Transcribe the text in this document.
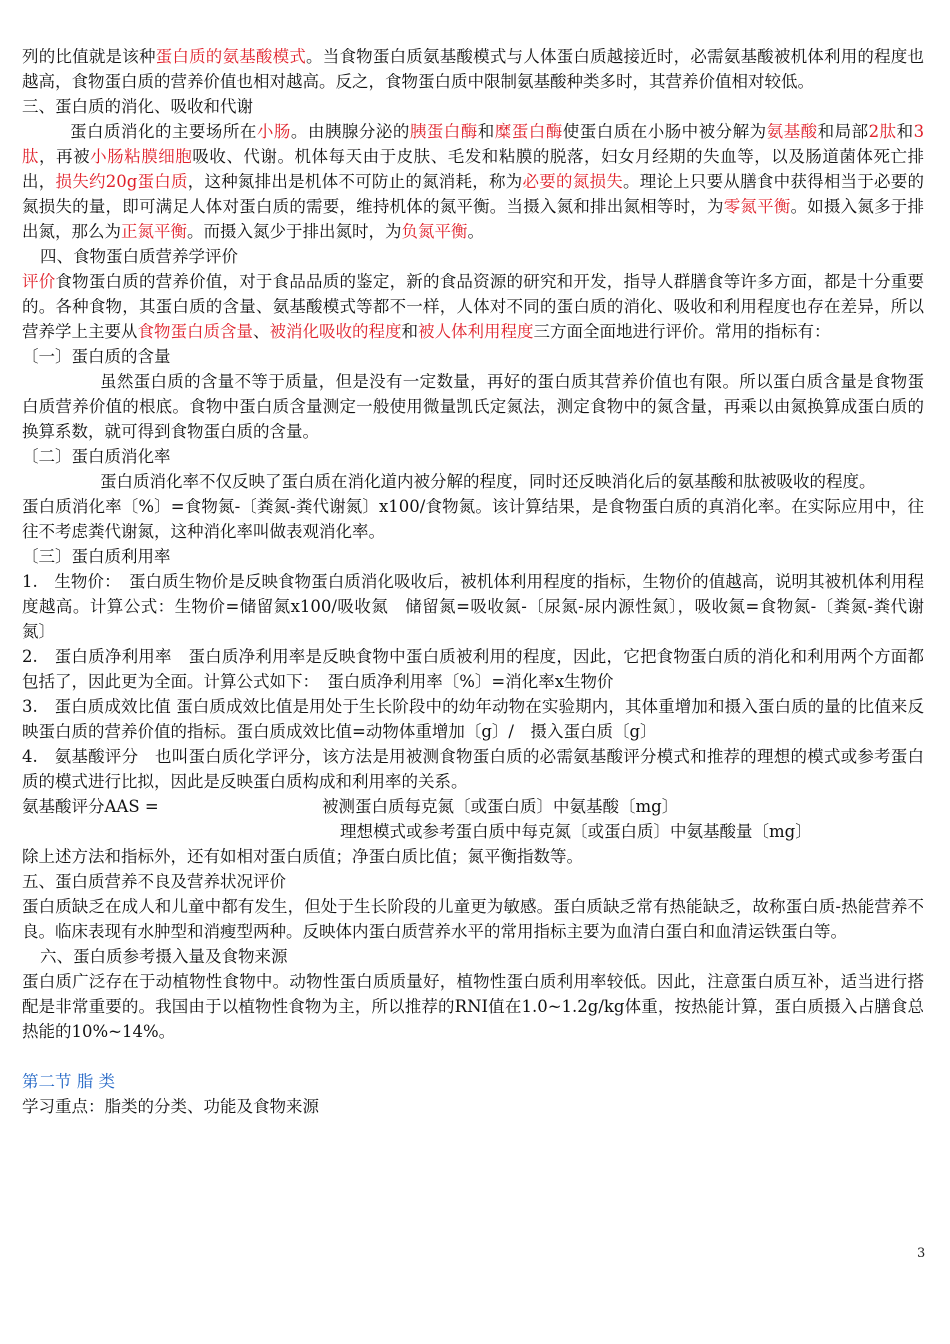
列的比值就是该种蛋白质的氨基酸模式。当食物蛋白质氨基酸模式与人体蛋白质越接近时，必需氨基酸被机体利用的程度也越高，食物蛋白质的营养价值也相对越高。反之，食物蛋白质中限制氨基酸种类多时，其营养价值相对较低。

三、蛋白质的消化、吸收和代谢

蛋白质消化的主要场所在小肠。由胰腺分泌的胰蛋白酶和糜蛋白酶使蛋白质在小肠中被分解为氨基酸和局部2肽和3肽，再被小肠粘膜细胞吸收、代谢。机体每天由于皮肤、毛发和粘膜的脱落，妇女月经期的失血等，以及肠道菌体死亡排出，损失约20g蛋白质，这种氮排出是机体不可防止的氮消耗，称为必要的氮损失。理论上只要从膳食中获得相当于必要的氮损失的量，即可满足人体对蛋白质的需要，维持机体的氮平衡。当摄入氮和排出氮相等时，为零氮平衡。如摄入氮多于排出氮，那么为正氮平衡。而摄入氮少于排出氮时，为负氮平衡。

四、食物蛋白质营养学评价

评价食物蛋白质的营养价值，对于食品品质的鉴定，新的食品资源的研究和开发，指导人群膳食等许多方面，都是十分重要的。各种食物，其蛋白质的含量、氨基酸模式等都不一样，人体对不同的蛋白质的消化、吸收和利用程度也存在差异，所以营养学上主要从食物蛋白质含量、被消化吸收的程度和被人体利用程度三方面全面地进行评价。常用的指标有：

〔一〕蛋白质的含量

虽然蛋白质的含量不等于质量，但是没有一定数量，再好的蛋白质其营养价值也有限。所以蛋白质含量是食物蛋白质营养价值的根底。食物中蛋白质含量测定一般使用微量凯氏定氮法，测定食物中的氮含量，再乘以由氮换算成蛋白质的换算系数，就可得到食物蛋白质的含量。

〔二〕蛋白质消化率

蛋白质消化率不仅反映了蛋白质在消化道内被分解的程度，同时还反映消化后的氨基酸和肽被吸收的程度。

蛋白质消化率〔%〕=食物氮-〔粪氮-粪代谢氮〕x100/食物氮。该计算结果，是食物蛋白质的真消化率。在实际应用中，往往不考虑粪代谢氮，这种消化率叫做表观消化率。

〔三〕蛋白质利用率

1.　生物价：　蛋白质生物价是反映食物蛋白质消化吸收后，被机体利用程度的指标，生物价的值越高，说明其被机体利用程度越高。计算公式：生物价=储留氮x100/吸收氮　储留氮=吸收氮-〔尿氮-尿内源性氮〕，吸收氮=食物氮-〔粪氮-粪代谢氮〕

2.　蛋白质净利用率　蛋白质净利用率是反映食物中蛋白质被利用的程度，因此，它把食物蛋白质的消化和利用两个方面都包括了，因此更为全面。计算公式如下：　蛋白质净利用率〔%〕=消化率x生物价

3.　蛋白质成效比值 蛋白质成效比值是用处于生长阶段中的幼年动物在实验期内，其体重增加和摄入蛋白质的量的比值来反映蛋白质的营养价值的指标。蛋白质成效比值=动物体重增加〔g〕/　摄入蛋白质〔g〕

4.　氨基酸评分　也叫蛋白质化学评分，该方法是用被测食物蛋白质的必需氨基酸评分模式和推荐的理想的模式或参考蛋白质的模式进行比拟，因此是反映蛋白质构成和利用率的关系。

氨基酸评分AAS =	被测蛋白质每克氮〔或蛋白质〕中氨基酸〔mg〕
理想模式或参考蛋白质中每克氮〔或蛋白质〕中氨基酸量〔mg〕

除上述方法和指标外，还有如相对蛋白质值；净蛋白质比值；氮平衡指数等。

五、蛋白质营养不良及营养状况评价

蛋白质缺乏在成人和儿童中都有发生，但处于生长阶段的儿童更为敏感。蛋白质缺乏常有热能缺乏，故称蛋白质-热能营养不良。临床表现有水肿型和消瘦型两种。反映体内蛋白质营养水平的常用指标主要为血清白蛋白和血清运铁蛋白等。

六、蛋白质参考摄入量及食物来源

蛋白质广泛存在于动植物性食物中。动物性蛋白质质量好，植物性蛋白质利用率较低。因此，注意蛋白质互补，适当进行搭配是非常重要的。我国由于以植物性食物为主，所以推荐的RNI值在1.0~1.2g/kg体重，按热能计算，蛋白质摄入占膳食总热能的10%~14%。

第二节 脂 类

学习重点：脂类的分类、功能及食物来源

3
